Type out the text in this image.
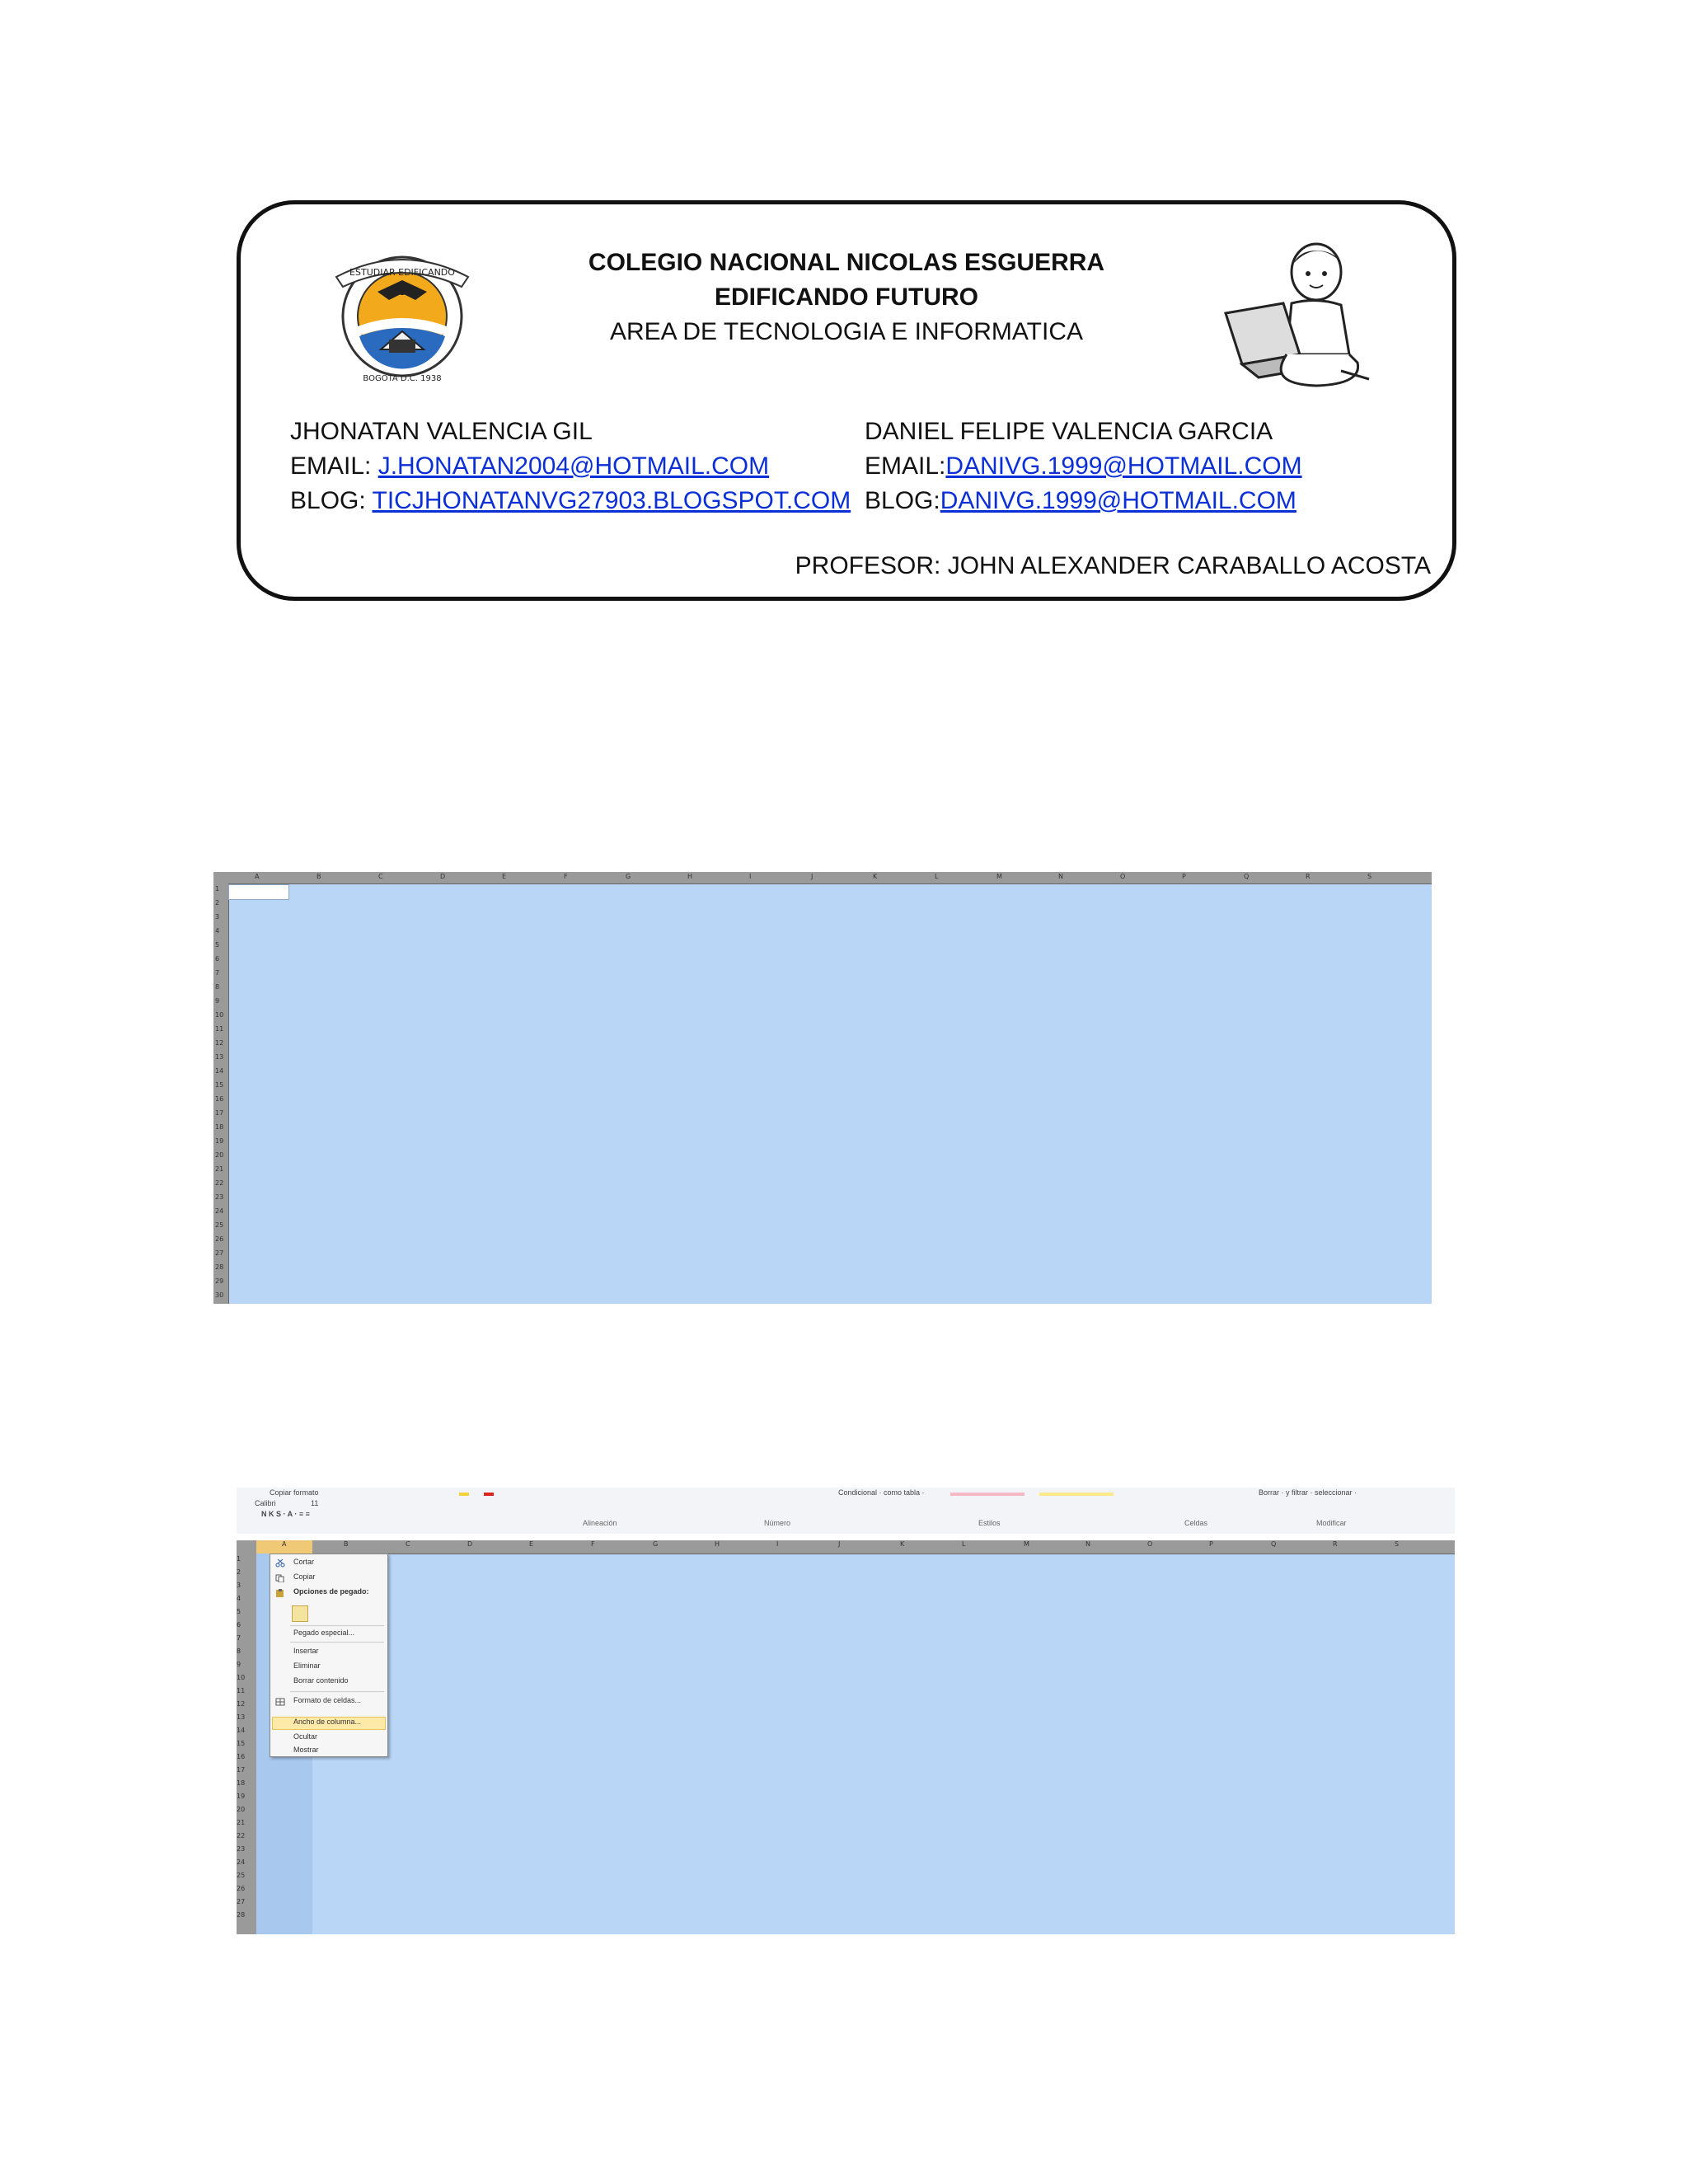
ESTUDIAR EDIFICANDO
BOGOTA D.C. 1938
COLEGIO NACIONAL NICOLAS ESGUERRA
EDIFICANDO FUTURO
AREA DE TECNOLOGIA E INFORMATICA
JHONATAN VALENCIA GIL
EMAIL: J.HONATAN2004@HOTMAIL.COM
BLOG: TICJHONATANVG27903.BLOGSPOT.COM
DANIEL FELIPE VALENCIA GARCIA
EMAIL:DANIVG.1999@HOTMAIL.COM
BLOG:DANIVG.1999@HOTMAIL.COM
PROFESOR: JOHN ALEXANDER CARABALLO ACOSTA
A	B	C	D	E	F	G	H	I	J	K	L	M	N	O	P	Q	R	S
1
2
3
4
5
6
7
8
9
10
11
12
13
14
15
16
17
18
19
20
21
22
23
24
25
26
27
28
29
30
Copiar formato
Calibri	11
N K S · A · ≡ ≡
Condicional · como tabla ·	Borrar · y filtrar · seleccionar ·
Alineación	Número	Estilos	Celdas	Modificar
A	B	C	D	E	F	G	H	I	J	K	L	M	N	O	P	Q	R	S
1
2
3
4
5
6
7
8
9
10
11
12
13
14
15
16
17
18
19
20
21
22
23
24
25
26
27
28
Cortar
Copiar
Opciones de pegado:
Pegado especial...
Insertar
Eliminar
Borrar contenido
Formato de celdas...
Ancho de columna...
Ocultar
Mostrar
